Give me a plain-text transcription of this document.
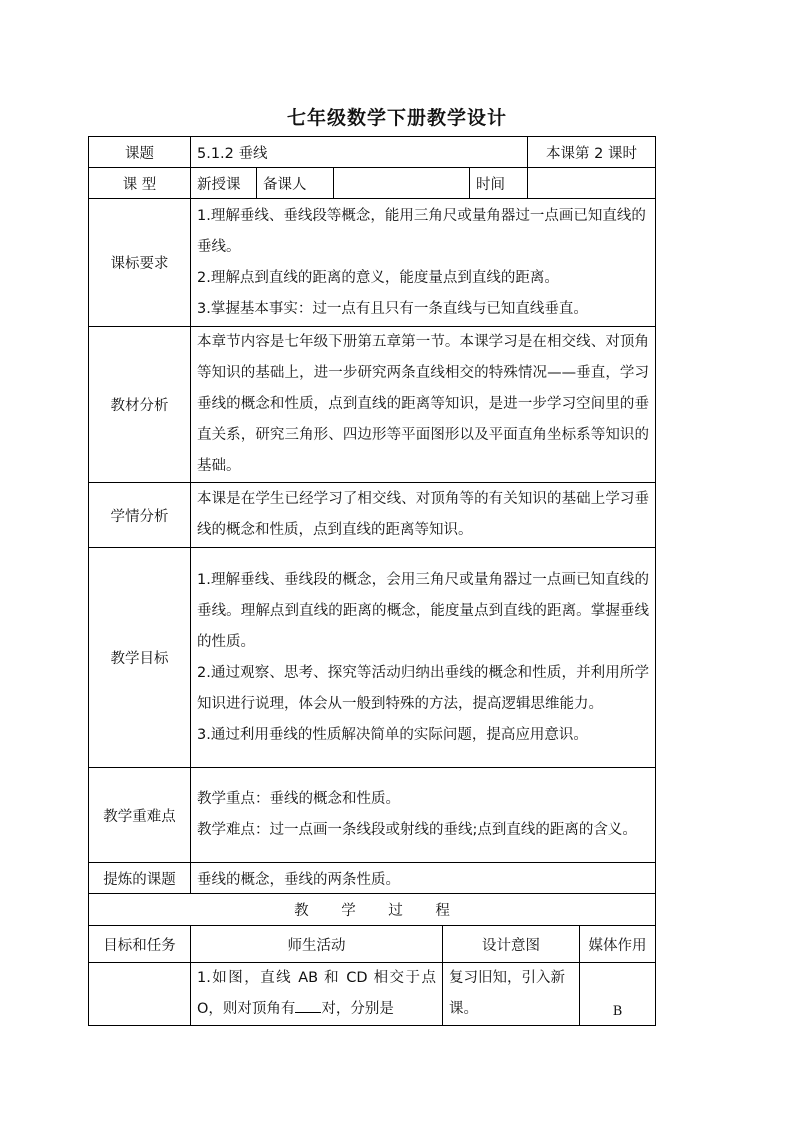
七年级数学下册教学设计
课题	5.1.2 垂线					本课第 2 课时	
课 型	新授课	备课人			时间		
课标要求	1.理解垂线、垂线段等概念，能用三角尺或量角器过一点画已知直线的垂线。

2.理解点到直线的距离的意义，能度量点到直线的距离。

3.掌握基本事实：过一点有且只有一条直线与已知直线垂直。						

教材分析	本章节内容是七年级下册第五章第一节。本课学习是在相交线、对顶角等知识的基础上，进一步研究两条直线相交的特殊情况——垂直，学习垂线的概念和性质，点到直线的距离等知识，是进一步学习空间里的垂直关系，研究三角形、四边形等平面图形以及平面直角坐标系等知识的基础。						
学情分析	本课是在学生已经学习了相交线、对顶角等的有关知识的基础上学习垂线的概念和性质，点到直线的距离等知识。						
教学目标	1.理解垂线、垂线段的概念，会用三角尺或量角器过一点画已知直线的垂线。理解点到直线的距离的概念，能度量点到直线的距离。掌握垂线的性质。

2.通过观察、思考、探究等活动归纳出垂线的概念和性质，并利用所学知识进行说理，体会从一般到特殊的方法，提高逻辑思维能力。

3.通过利用垂线的性质解决简单的实际问题，提高应用意识。						

教学重难点	教学重点：垂线的概念和性质。

教学难点：过一点画一条线段或射线的垂线;点到直线的距离的含义。						

提炼的课题	垂线的概念，垂线的两条性质。						
教 学 过 程							
目标和任务	师生活动			设计意图			媒体作用
	1.如图，直线 AB 和 CD 相交于点 O，则对顶角有 对，分别是			复习旧知，引入新课。			B
